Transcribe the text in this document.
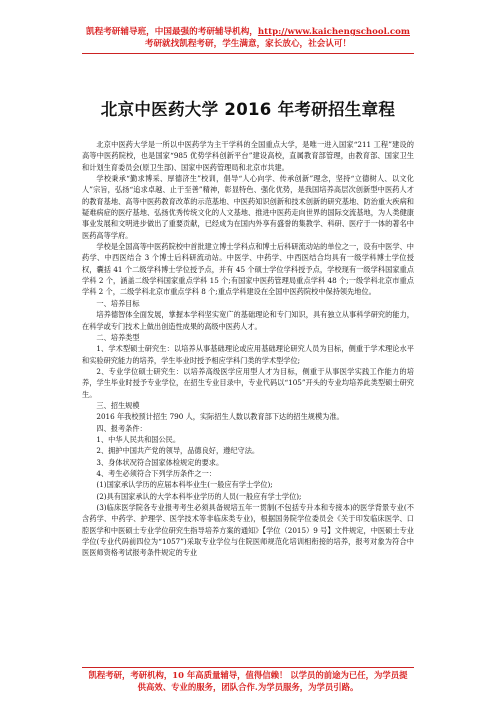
凯程考研辅导班，中国最强的考研辅导机构，http://www.kaichengschool.com
考研就找凯程考研，学生满意，家长放心，社会认可！
北京中医药大学 2016 年考研招生章程

北京中医药大学是一所以中医药学为主干学科的全国重点大学，是唯一进入国家“211 工程”建设的高等中医药院校，也是国家“985 优势学科创新平台”建设高校，直属教育部管理，由教育部、国家卫生和计划生育委员会(原卫生部)、国家中医药管理局和北京市共建。

学校秉承“勤求博采、厚德济生”校训，倡导“人心向学、传承创新”理念，坚持“立德树人、以文化人”宗旨，弘扬“追求卓越、止于至善”精神，彰显特色、强化优势，是我国培养高层次创新型中医药人才的教育基地、高等中医药教育改革的示范基地、中医药知识创新和技术创新的研究基地、防治重大疾病和疑难病症的医疗基地、弘扬优秀传统文化的人文基地、推进中医药走向世界的国际交流基地，为人类健康事业发展和文明进步做出了重要贡献，已经成为在国内外享有盛誉的集教学、科研、医疗于一体的著名中医药高等学府。

学校是全国高等中医药院校中首批建立博士学科点和博士后科研流动站的单位之一，设有中医学、中药学、中西医结合 3 个博士后科研流动站。中医学、中药学、中西医结合均具有一级学科博士学位授权，囊括 41 个二级学科博士学位授予点，并有 45 个硕士学位学科授予点，学校现有一级学科国家重点学科 2 个，涵盖二级学科国家重点学科 15 个;有国家中医药管理局重点学科 48 个;一级学科北京市重点学科 2 个，二级学科北京市重点学科 8 个;重点学科建设在全国中医药院校中保持领先地位。

一、培养目标

培养德智体全面发展，掌握本学科坚实宽广的基础理论和专门知识，具有独立从事科学研究的能力，在科学或专门技术上做出创造性成果的高级中医药人才。

二、培养类型

1、学术型硕士研究生：以培养从事基础理论或应用基础理论研究人员为目标，侧重于学术理论水平和实验研究能力的培养，学生毕业时授予相应学科门类的学术型学位;

2、专业学位硕士研究生：以培养高级医学应用型人才为目标，侧重于从事医学实践工作能力的培养，学生毕业时授予专业学位，在招生专业目录中，专业代码以“105”开头的专业均培养此类型硕士研究生。

三、招生规模

2016 年我校预计招生 790 人，实际招生人数以教育部下达的招生规模为准。

四、报考条件：

1、中华人民共和国公民。

2、拥护中国共产党的领导，品德良好，遵纪守法。

3、身体状况符合国家体检规定的要求。

4、考生必须符合下列学历条件之一：

(1)国家承认学历的应届本科毕业生(一般应有学士学位);

(2)具有国家承认的大学本科毕业学历的人员(一般应有学士学位);

(3)临床医学院各专业报考考生必须具备规培五年一贯制(不包括专升本和专接本)的医学背景专业(不含药学、中药学、护理学、医学技术等非临床类专业)，根据国务院学位委员会《关于印发临床医学、口腔医学和中医硕士专业学位研究生指导培养方案的通知》【学位（2015）9 号】文件规定，中医硕士专业学位(专业代码前四位为“1057”)采取专业学位与住院医师规范化培训相衔接的培养，报考对象为符合中医医师资格考试报考条件规定的专业

凯程考研，考研机构，10 年高质量辅导，值得信赖！ 以学员的前途为已任，为学员提
供高效、专业的服务，团队合作.为学员服务，为学员引路。
